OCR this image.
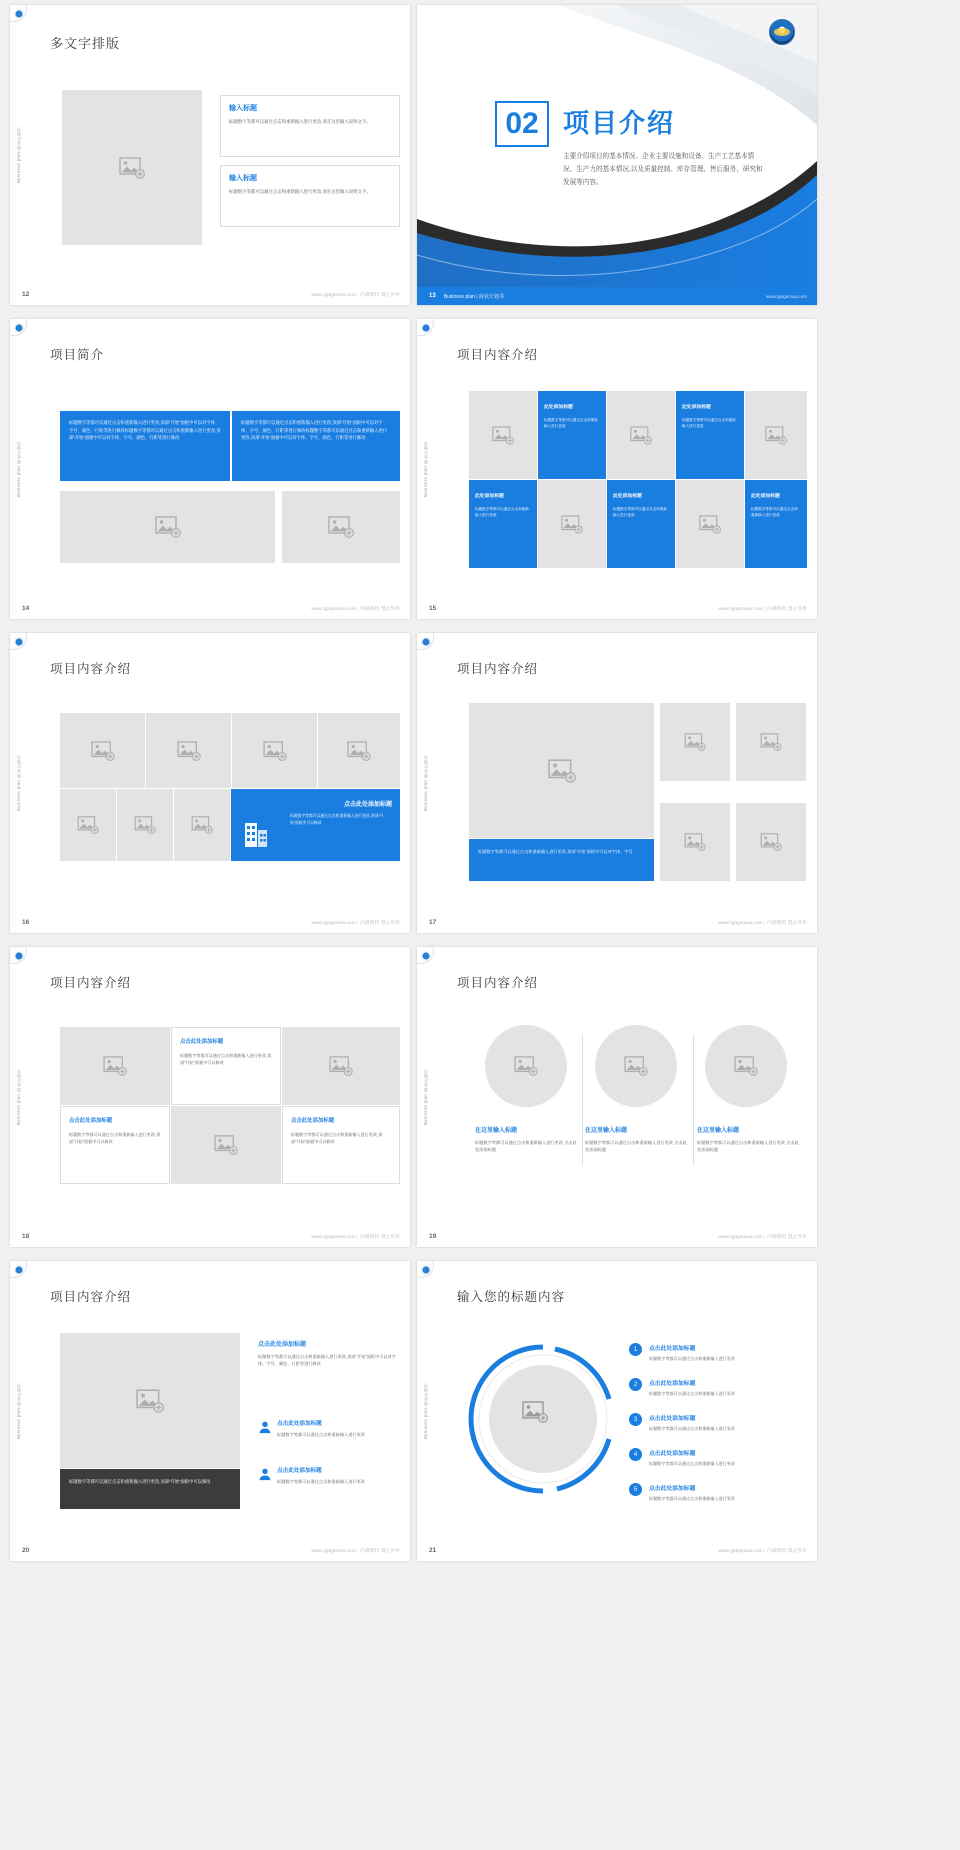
Business plan·商业计划书
多文字排版
输入标题
标题数字等都可以通过点击和重新输入进行更改,请在这里输入说明文字。
输入标题
标题数字等都可以通过点击和重新输入进行更改,请在这里输入说明文字。
12	www.rjptgsmua.com | 内部资料 禁止外传
02 项目介绍
主要介绍项目的基本情况、企业主要设施和设备、生产工艺基本情况、生产力的基本情况,以及质量控制、库存管理、售后服务、研究和发展等内容。
13 Business plan | 商业计划书	www.rjptgsmua.com
Business plan·商业计划书
项目简介
标题数字等都可以通过点击和重新输入进行更改,顶部“开始”面板中可以对字体、字号、颜色、行距等进行修改标题数字等都可以通过点击和重新输入进行更改,顶部“开始”面板中可以对字体、字号、颜色、行距等进行修改
标题数字等都可以通过点击和重新输入进行更改,顶部“开始”面板中可以对字体、字号、颜色、行距等进行修改标题数字等都可以通过点击和重新输入进行更改,顶部“开始”面板中可以对字体、字号、颜色、行距等进行修改
14	www.rjptgsmua.com | 内部资料 禁止外传
Business plan·商业计划书
项目内容介绍
此处添加标题
标题数字等都可以通过点击和重新输入进行更改
此处添加标题
标题数字等都可以通过点击和重新输入进行更改
此处添加标题
标题数字等都可以通过点击和重新输入进行更改
此处添加标题
标题数字等都可以通过点击和重新输入进行更改
此处添加标题
标题数字等都可以通过点击和重新输入进行更改
15	www.rjptgsmua.com | 内部资料 禁止外传
Business plan·商业计划书
项目内容介绍
点击此处添加标题
标题数字等都可以通过点击和重新输入进行更改,顶部“开始”面板中可以修改
16	www.rjptgsmua.com | 内部资料 禁止外传
Business plan·商业计划书
项目内容介绍
标题数字等都可以通过点击和重新输入进行更改,顶部“开始”面板中可以对字体、字号
17	www.rjptgsmua.com | 内部资料 禁止外传
Business plan·商业计划书
项目内容介绍
点击此处添加标题
标题数字等都可以通过点击和重新输入进行更改,顶部“开始”面板中可以修改
点击此处添加标题
标题数字等都可以通过点击和重新输入进行更改,顶部“开始”面板中可以修改
点击此处添加标题
标题数字等都可以通过点击和重新输入进行更改,顶部“开始”面板中可以修改
18	www.rjptgsmua.com | 内部资料 禁止外传
Business plan·商业计划书
项目内容介绍
在这里输入标题
标题数字等都可以通过点击和重新输入进行更改 点击此处添加标题
在这里输入标题
标题数字等都可以通过点击和重新输入进行更改 点击此处添加标题
在这里输入标题
标题数字等都可以通过点击和重新输入进行更改 点击此处添加标题
19	www.rjptgsmua.com | 内部资料 禁止外传
Business plan·商业计划书
项目内容介绍
标题数字等都可以通过点击和重新输入进行更改,顶部“开始”面板中可以修改
点击此处添加标题
标题数字等都可以通过点击和重新输入进行更改,顶部“开始”面板中可以对字体、字号、颜色、行距等进行修改
点击此处添加标题
标题数字等都可以通过点击和重新输入进行更改
点击此处添加标题
标题数字等都可以通过点击和重新输入进行更改
20	www.rjptgsmua.com | 内部资料 禁止外传
Business plan·商业计划书
输入您的标题内容
1	点击此处添加标题
标题数字等都可以通过点击和重新输入进行更改
2	点击此处添加标题
标题数字等都可以通过点击和重新输入进行更改
3	点击此处添加标题
标题数字等都可以通过点击和重新输入进行更改
4	点击此处添加标题
标题数字等都可以通过点击和重新输入进行更改
5	点击此处添加标题
标题数字等都可以通过点击和重新输入进行更改
21	www.rjptgsmua.com | 内部资料 禁止外传
